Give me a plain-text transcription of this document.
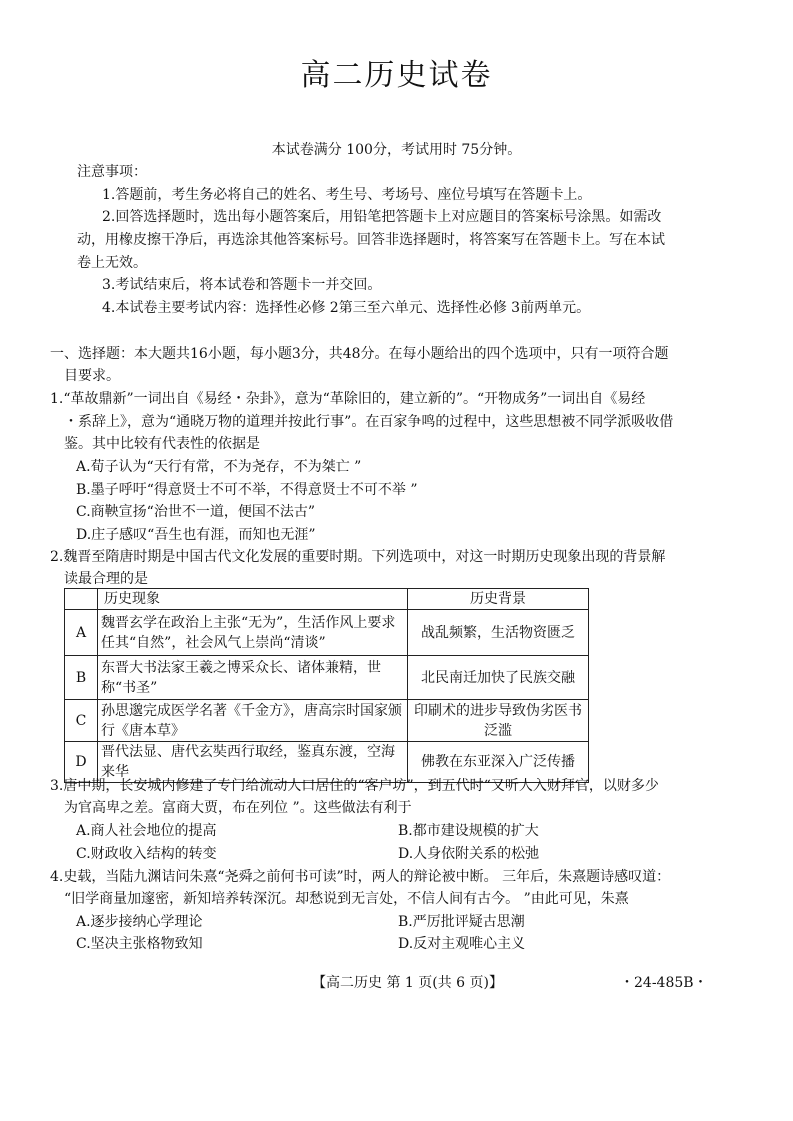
高二历史试卷
本试卷满分 100分，考试用时 75分钟。
注意事项：
1.答题前，考生务必将自己的姓名、考生号、考场号、座位号填写在答题卡上。
2.回答选择题时，选出每小题答案后，用铅笔把答题卡上对应题目的答案标号涂黑。如需改
动，用橡皮擦干净后，再选涂其他答案标号。回答非选择题时，将答案写在答题卡上。写在本试
卷上无效。
3.考试结束后，将本试卷和答题卡一并交回。
4.本试卷主要考试内容：选择性必修 2第三至六单元、选择性必修 3前两单元。
一、选择题：本大题共16小题，每小题3分，共48分。在每小题给出的四个选项中，只有一项符合题
目要求。
1.“革故鼎新”一词出自《易经・杂卦》，意为“革除旧的，建立新的”。“开物成务”一词出自《易经
・系辞上》，意为“通晓万物的道理并按此行事”。在百家争鸣的过程中，这些思想被不同学派吸收借
鉴。其中比较有代表性的依据是
A.荀子认为“天行有常，不为尧存，不为桀亡 ”
B.墨子呼吁“得意贤士不可不举，不得意贤士不可不举 ”
C.商鞅宣扬“治世不一道，便国不法古”
D.庄子感叹“吾生也有涯，而知也无涯”
2.魏晋至隋唐时期是中国古代文化发展的重要时期。下列选项中，对这一时期历史现象出现的背景解
读最合理的是
	历史现象	历史背景
A	魏晋玄学在政治上主张“无为”，生活作风上要求任其“自然”，社会风气上崇尚“清谈”	战乱频繁，生活物资匮乏
B	东晋大书法家王羲之博采众长、诸体兼精，世称“书圣”	北民南迁加快了民族交融
C	孙思邈完成医学名著《千金方》，唐高宗时国家颁行《唐本草》	印刷术的进步导致伪劣医书泛滥
D	晋代法显、唐代玄奘西行取经，鉴真东渡，空海来华	佛教在东亚深入广泛传播
3.唐中期，长安城内修建了专门给流动人口居住的“客户坊”，到五代时“又听人入财拜官，以财多少
为官高卑之差。富商大贾，布在列位 ”。这些做法有利于
A.商人社会地位的提高	B.都市建设规模的扩大
C.财政收入结构的转变	D.人身依附关系的松弛
4.史载，当陆九渊诘问朱熹“尧舜之前何书可读”时，两人的辩论被中断。 三年后，朱熹题诗感叹道：
“旧学商量加邃密，新知培养转深沉。却愁说到无言处，不信人间有古今。 ”由此可见，朱熹
A.逐步接纳心学理论	B.严厉批评疑古思潮
C.坚决主张格物致知	D.反对主观唯心主义
【高二历史 第 1 页(共 6 页)】	・24-485B・
